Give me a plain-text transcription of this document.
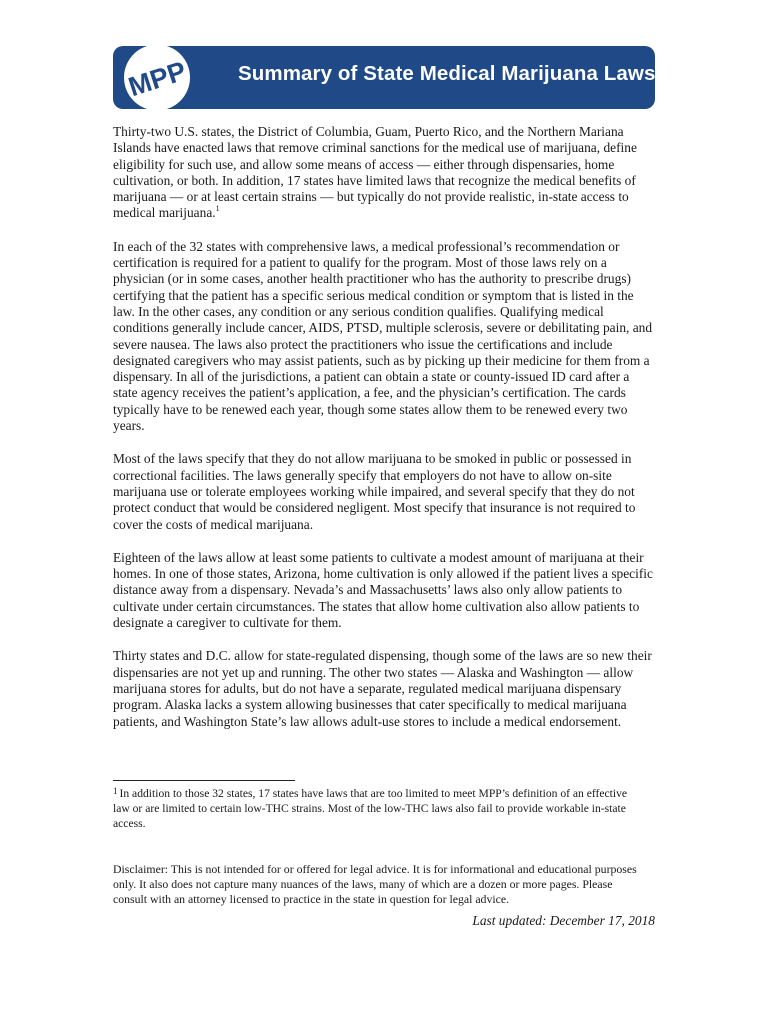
MPP Summary of State Medical Marijuana Laws

Thirty-two U.S. states, the District of Columbia, Guam, Puerto Rico, and the Northern Mariana Islands have enacted laws that remove criminal sanctions for the medical use of marijuana, define eligibility for such use, and allow some means of access — either through dispensaries, home cultivation, or both. In addition, 17 states have limited laws that recognize the medical benefits of marijuana — or at least certain strains — but typically do not provide realistic, in-state access to medical marijuana.$^1$

In each of the 32 states with comprehensive laws, a medical professional’s recommendation or certification is required for a patient to qualify for the program. Most of those laws rely on a physician (or in some cases, another health practitioner who has the authority to prescribe drugs) certifying that the patient has a specific serious medical condition or symptom that is listed in the law. In the other cases, any condition or any serious condition qualifies. Qualifying medical conditions generally include cancer, AIDS, PTSD, multiple sclerosis, severe or debilitating pain, and severe nausea. The laws also protect the practitioners who issue the certifications and include designated caregivers who may assist patients, such as by picking up their medicine for them from a dispensary. In all of the jurisdictions, a patient can obtain a state or county-issued ID card after a state agency receives the patient’s application, a fee, and the physician’s certification. The cards typically have to be renewed each year, though some states allow them to be renewed every two years.

Most of the laws specify that they do not allow marijuana to be smoked in public or possessed in correctional facilities. The laws generally specify that employers do not have to allow on-site marijuana use or tolerate employees working while impaired, and several specify that they do not protect conduct that would be considered negligent. Most specify that insurance is not required to cover the costs of medical marijuana.

Eighteen of the laws allow at least some patients to cultivate a modest amount of marijuana at their homes. In one of those states, Arizona, home cultivation is only allowed if the patient lives a specific distance away from a dispensary. Nevada’s and Massachusetts’ laws also only allow patients to cultivate under certain circumstances. The states that allow home cultivation also allow patients to designate a caregiver to cultivate for them.

Thirty states and D.C. allow for state-regulated dispensing, though some of the laws are so new their dispensaries are not yet up and running. The other two states — Alaska and Washington — allow marijuana stores for adults, but do not have a separate, regulated medical marijuana dispensary program. Alaska lacks a system allowing businesses that cater specifically to medical marijuana patients, and Washington State’s law allows adult-use stores to include a medical endorsement.

$^1$ In addition to those 32 states, 17 states have laws that are too limited to meet MPP’s definition of an effective law or are limited to certain low-THC strains. Most of the low-THC laws also fail to provide workable in-state access.
Disclaimer: This is not intended for or offered for legal advice. It is for informational and educational purposes only. It also does not capture many nuances of the laws, many of which are a dozen or more pages. Please consult with an attorney licensed to practice in the state in question for legal advice.
Last updated: December 17, 2018
